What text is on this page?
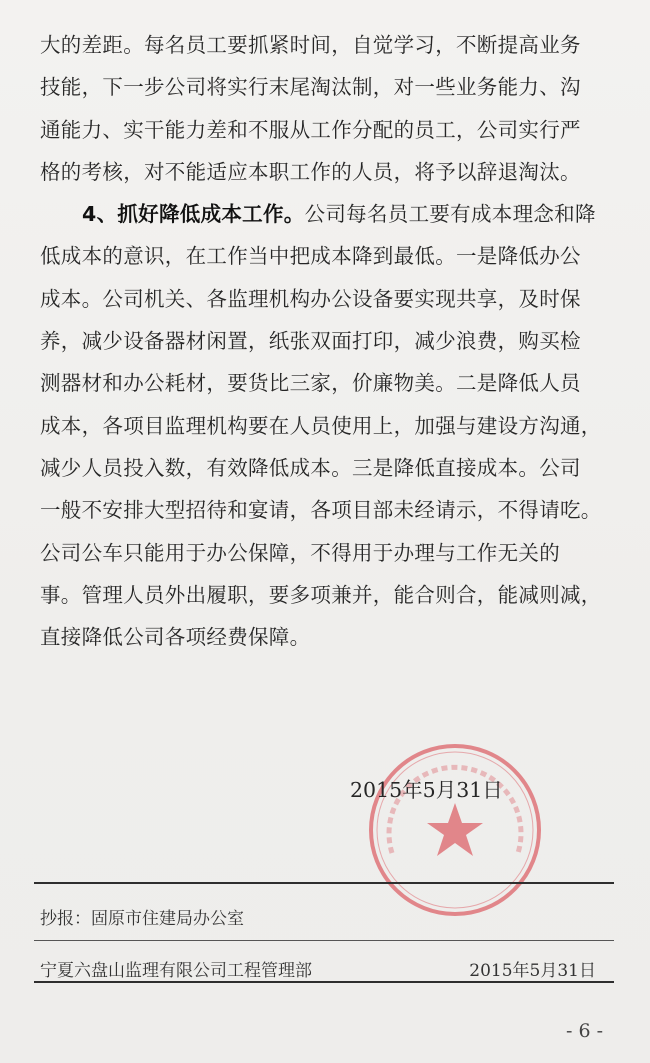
大的差距。每名员工要抓紧时间，自觉学习，不断提高业务
技能，下一步公司将实行末尾淘汰制，对一些业务能力、沟
通能力、实干能力差和不服从工作分配的员工，公司实行严
格的考核，对不能适应本职工作的人员，将予以辞退淘汰。
4、抓好降低成本工作。公司每名员工要有成本理念和降
低成本的意识，在工作当中把成本降到最低。一是降低办公
成本。公司机关、各监理机构办公设备要实现共享，及时保
养，减少设备器材闲置，纸张双面打印，减少浪费，购买检
测器材和办公耗材，要货比三家，价廉物美。二是降低人员
成本，各项目监理机构要在人员使用上，加强与建设方沟通，
减少人员投入数，有效降低成本。三是降低直接成本。公司
一般不安排大型招待和宴请，各项目部未经请示，不得请吃。
公司公车只能用于办公保障，不得用于办理与工作无关的
事。管理人员外出履职，要多项兼并，能合则合，能减则减，
直接降低公司各项经费保障。
2015年5月31日
抄报：固原市住建局办公室
宁夏六盘山监理有限公司工程管理部	2015年5月31日
- 6 -
